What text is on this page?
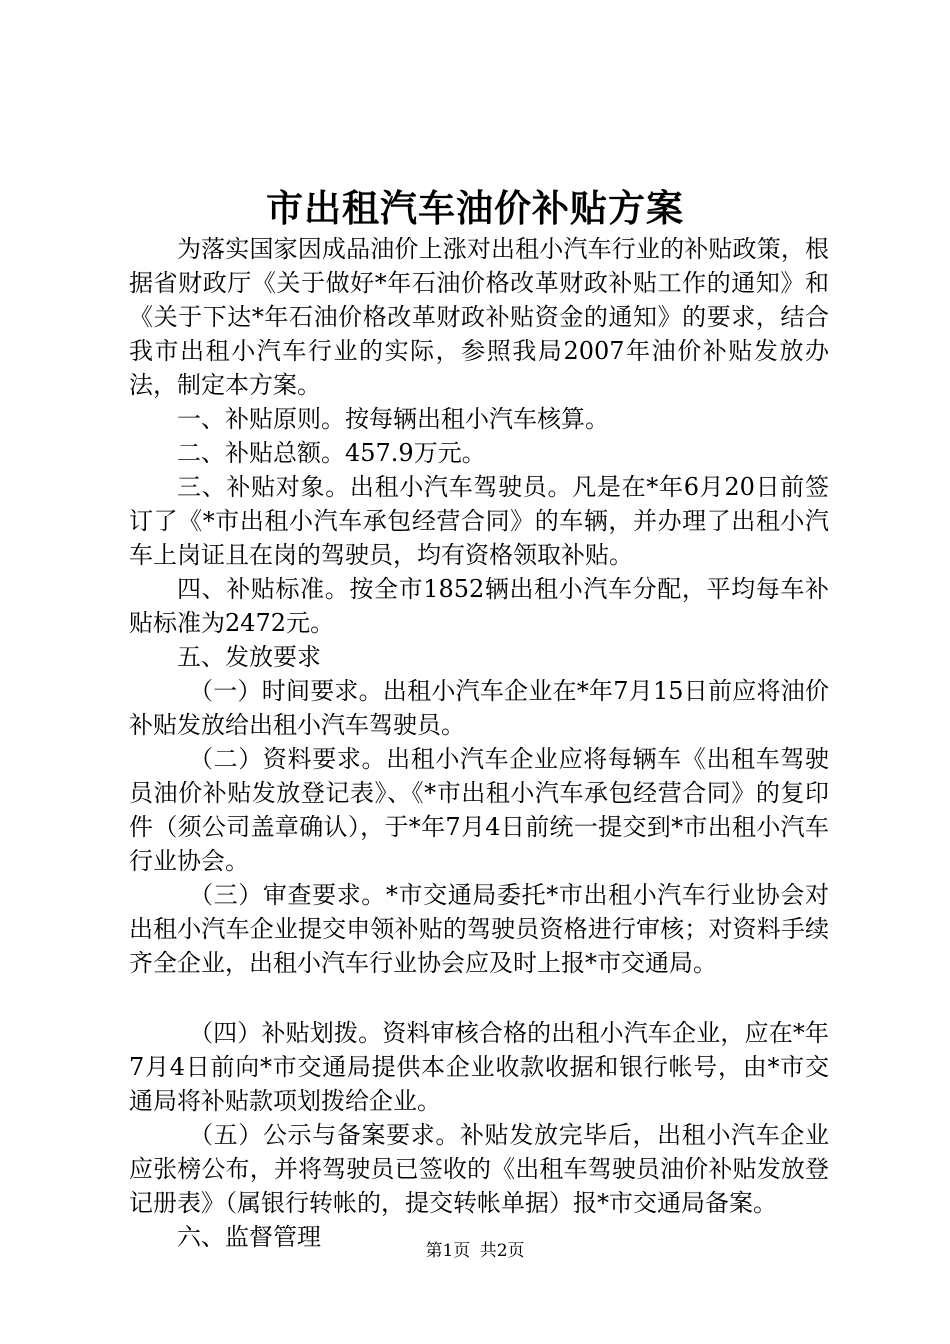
市出租汽车油价补贴方案

为落实国家因成品油价上涨对出租小汽车行业的补贴政策，根据省财政厅《关于做好*年石油价格改革财政补贴工作的通知》和《关于下达*年石油价格改革财政补贴资金的通知》的要求，结合我市出租小汽车行业的实际，参照我局2007年油价补贴发放办法，制定本方案。

一、补贴原则。按每辆出租小汽车核算。

二、补贴总额。457.9万元。

三、补贴对象。出租小汽车驾驶员。凡是在*年6月20日前签订了《*市出租小汽车承包经营合同》的车辆，并办理了出租小汽车上岗证且在岗的驾驶员，均有资格领取补贴。

四、补贴标准。按全市1852辆出租小汽车分配，平均每车补贴标准为2472元。

五、发放要求

（一）时间要求。出租小汽车企业在*年7月15日前应将油价补贴发放给出租小汽车驾驶员。

（二）资料要求。出租小汽车企业应将每辆车《出租车驾驶员油价补贴发放登记表》、《*市出租小汽车承包经营合同》的复印件（须公司盖章确认），于*年7月4日前统一提交到*市出租小汽车行业协会。

（三）审查要求。*市交通局委托*市出租小汽车行业协会对出租小汽车企业提交申领补贴的驾驶员资格进行审核；对资料手续齐全企业，出租小汽车行业协会应及时上报*市交通局。

（四）补贴划拨。资料审核合格的出租小汽车企业，应在*年7月4日前向*市交通局提供本企业收款收据和银行帐号，由*市交通局将补贴款项划拨给企业。

（五）公示与备案要求。补贴发放完毕后，出租小汽车企业应张榜公布，并将驾驶员已签收的《出租车驾驶员油价补贴发放登记册表》（属银行转帐的，提交转帐单据）报*市交通局备案。

六、监督管理	第1页 共2页
